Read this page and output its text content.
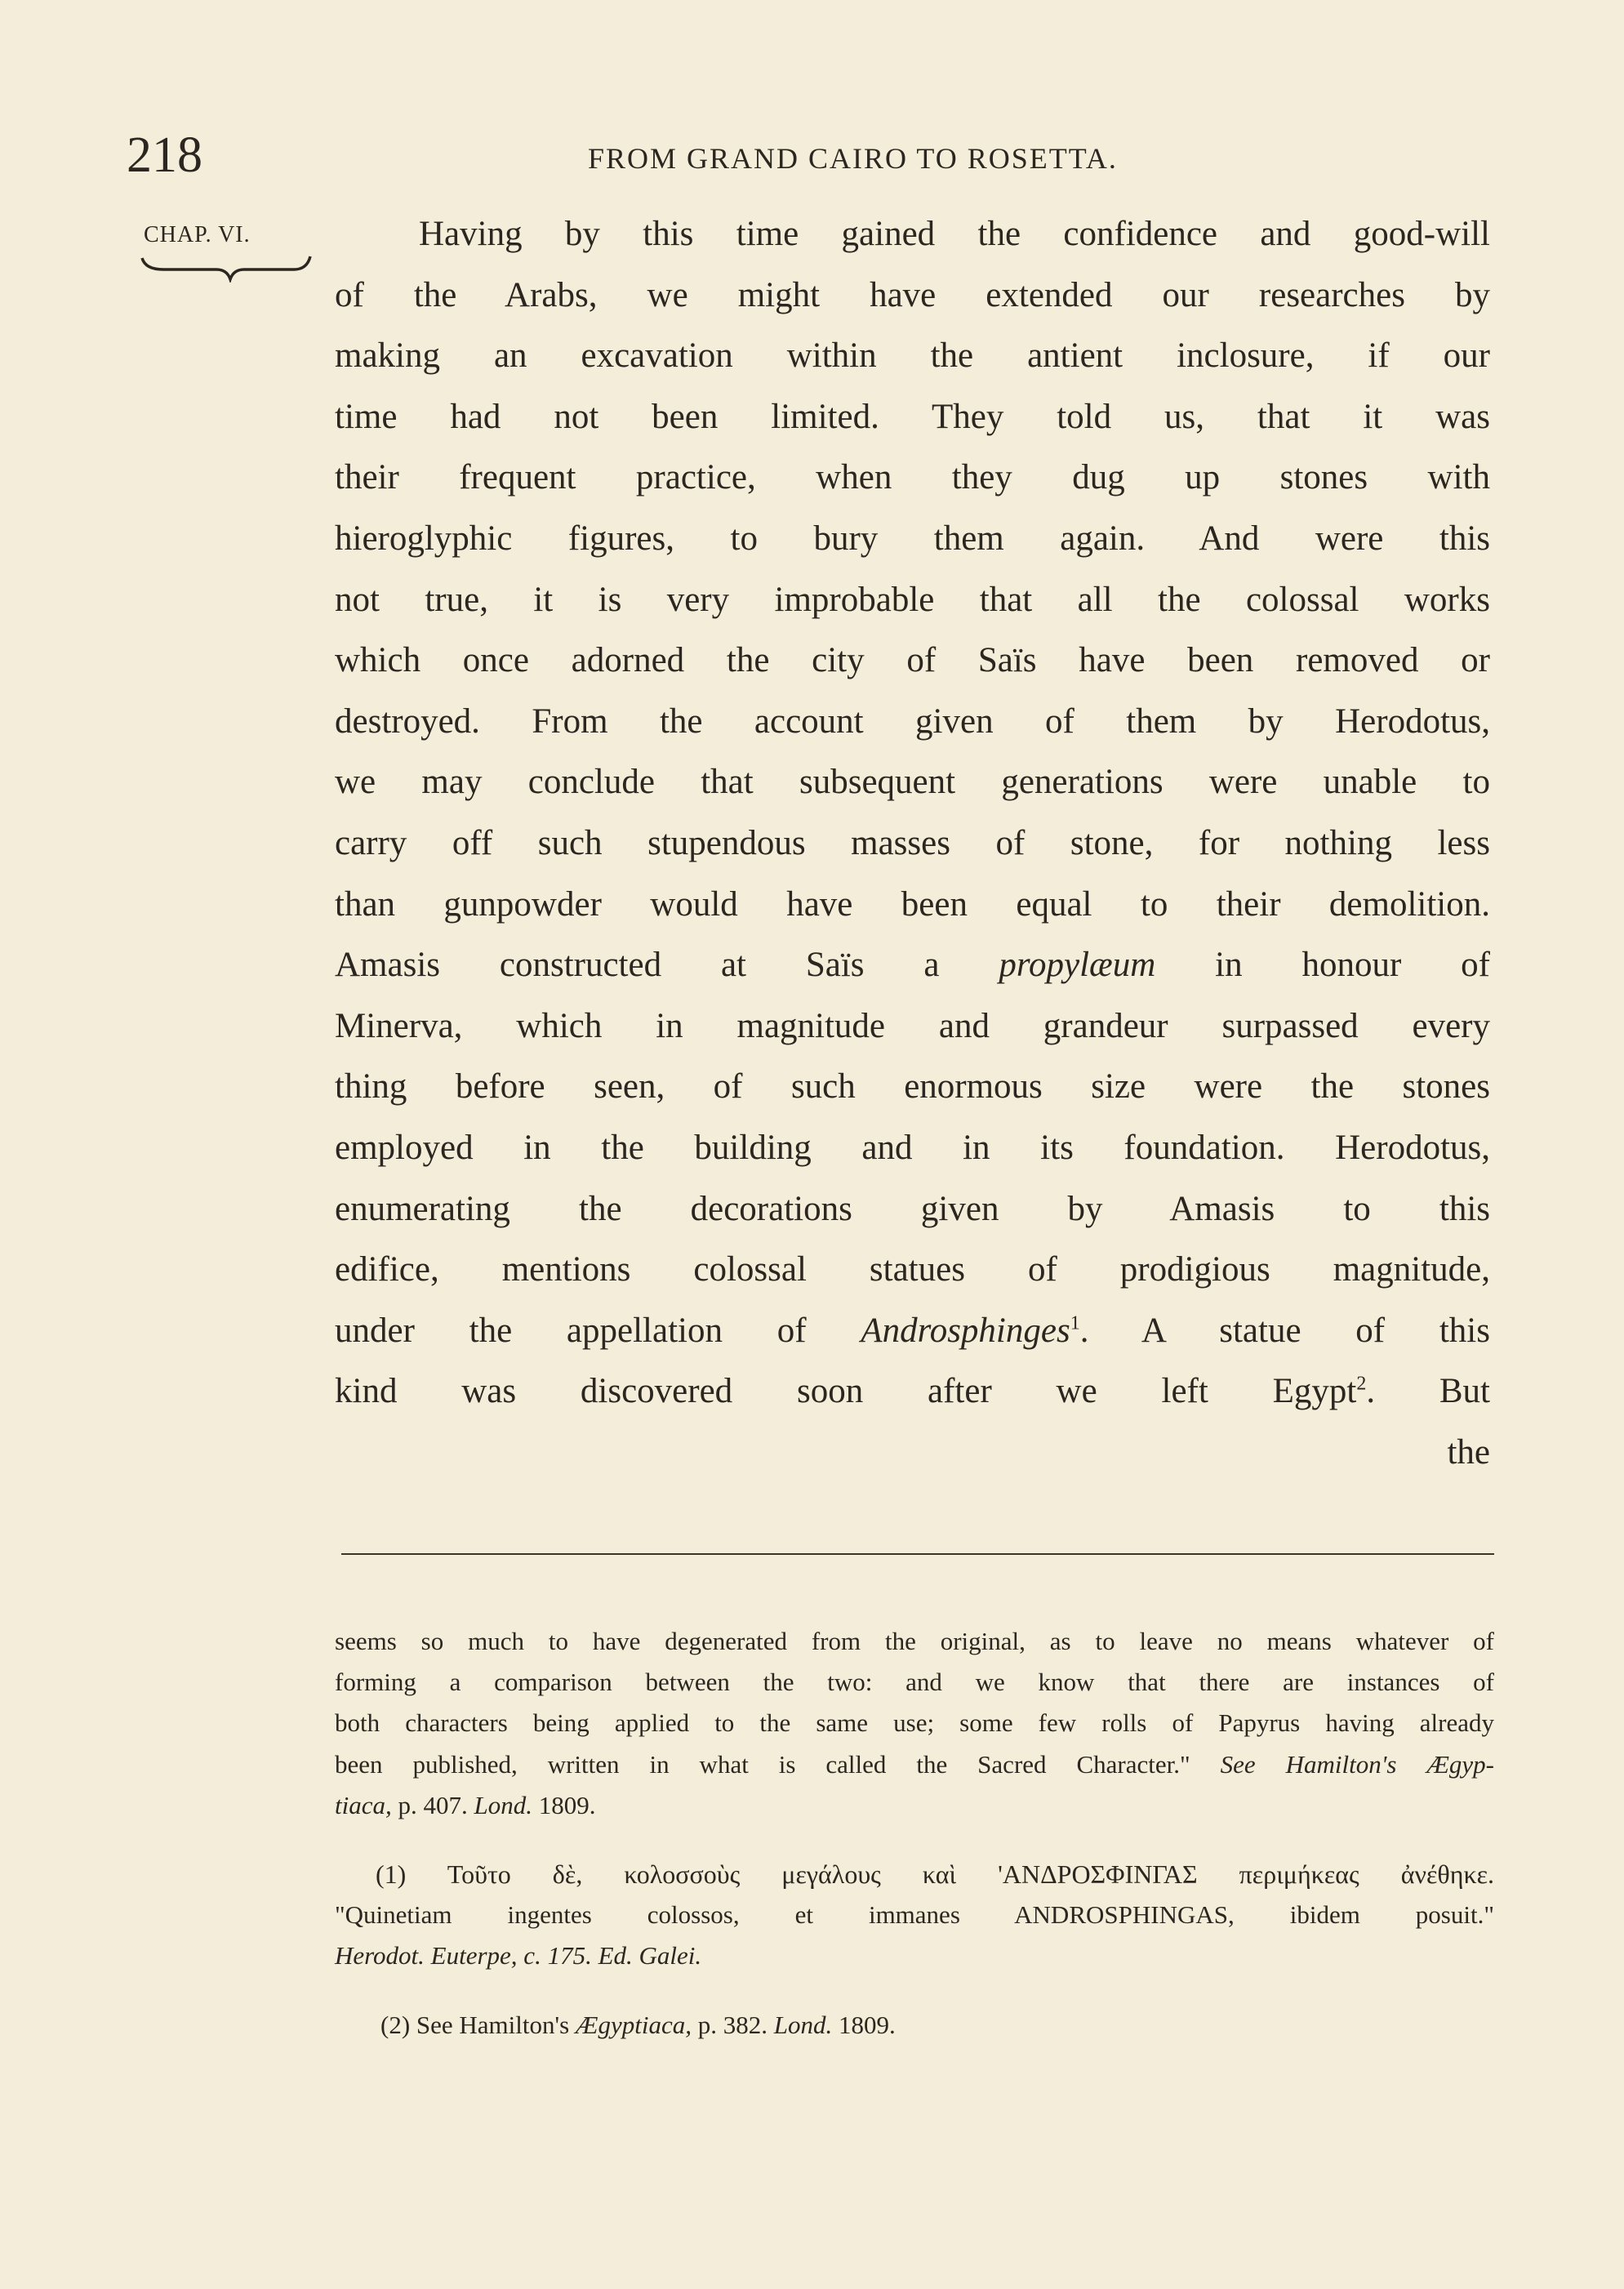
218	FROM GRAND CAIRO TO ROSETTA.
CHAP. VI.	Having by this time gained the confidence and good-will
of the Arabs, we might have extended our researches by
making an excavation within the antient inclosure, if our
time had not been limited. They told us, that it was
their frequent practice, when they dug up stones with
hieroglyphic figures, to bury them again. And were this
not true, it is very improbable that all the colossal works
which once adorned the city of Saïs have been removed or
destroyed. From the account given of them by Herodotus,
we may conclude that subsequent generations were unable to
carry off such stupendous masses of stone, for nothing less
than gunpowder would have been equal to their demolition.
Amasis constructed at Saïs a propylæum in honour of
Minerva, which in magnitude and grandeur surpassed every
thing before seen, of such enormous size were the stones
employed in the building and in its foundation. Herodotus,
enumerating the decorations given by Amasis to this
edifice, mentions colossal statues of prodigious magnitude,
under the appellation of Androsphinges$^1$. A statue of this
kind was discovered soon after we left Egypt$^2$. But
the
seems so much to have degenerated from the original, as to leave no means whatever of
forming a comparison between the two: and we know that there are instances of
both characters being applied to the same use; some few rolls of Papyrus having already
been published, written in what is called the Sacred Character." See Hamilton's Ægyp-
tiaca, p. 407. Lond. 1809.
(1) Τοῦτο δὲ, κολοσσοὺς μεγάλους καὶ 'ΑΝΔΡΟΣΦΙΝΓΑΣ περιμήκεας ἀνέθηκε.
"Quinetiam ingentes colossos, et immanes ANDROSPHINGAS, ibidem posuit."
Herodot. Euterpe, c. 175. Ed. Galei.
(2) See Hamilton's Ægyptiaca, p. 382. Lond. 1809.
